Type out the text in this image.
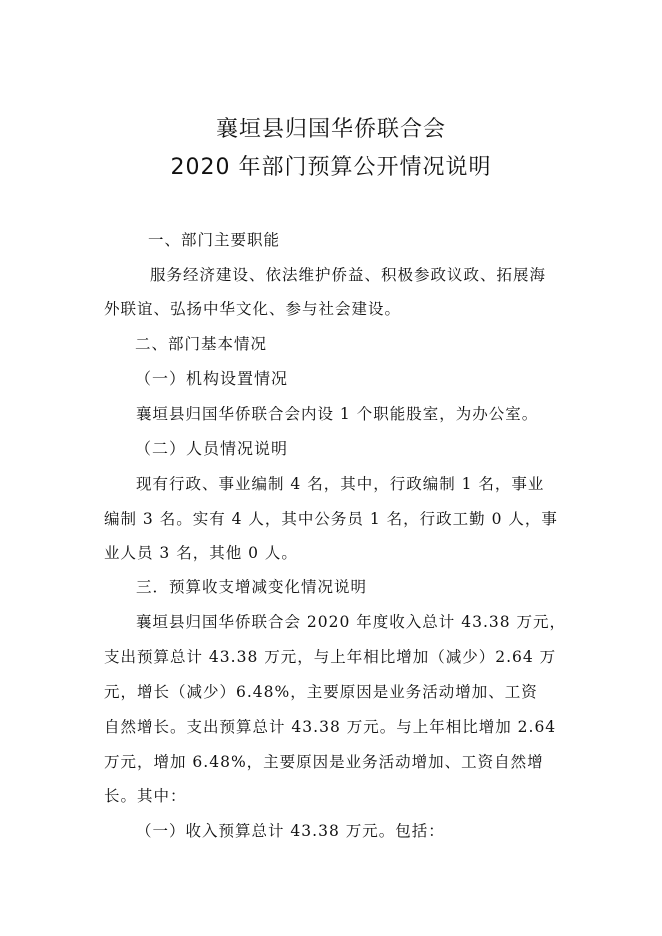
襄垣县归国华侨联合会
2020 年部门预算公开情况说明
一、部门主要职能
服务经济建设、依法维护侨益、积极参政议政、拓展海
外联谊、弘扬中华文化、参与社会建设。
二、部门基本情况
（一）机构设置情况
襄垣县归国华侨联合会内设 1 个职能股室，为办公室。
（二）人员情况说明
现有行政、事业编制 4 名，其中，行政编制 1 名，事业
编制 3 名。实有 4 人，其中公务员 1 名，行政工勤 0 人，事
业人员 3 名，其他 0 人。
三．预算收支增减变化情况说明
襄垣县归国华侨联合会 2020 年度收入总计 43.38 万元，
支出预算总计 43.38 万元，与上年相比增加（减少）2.64 万
元，增长（减少）6.48%，主要原因是业务活动增加、工资
自然增长。支出预算总计 43.38 万元。与上年相比增加 2.64
万元，增加 6.48%，主要原因是业务活动增加、工资自然增
长。其中：
（一）收入预算总计 43.38 万元。包括：
